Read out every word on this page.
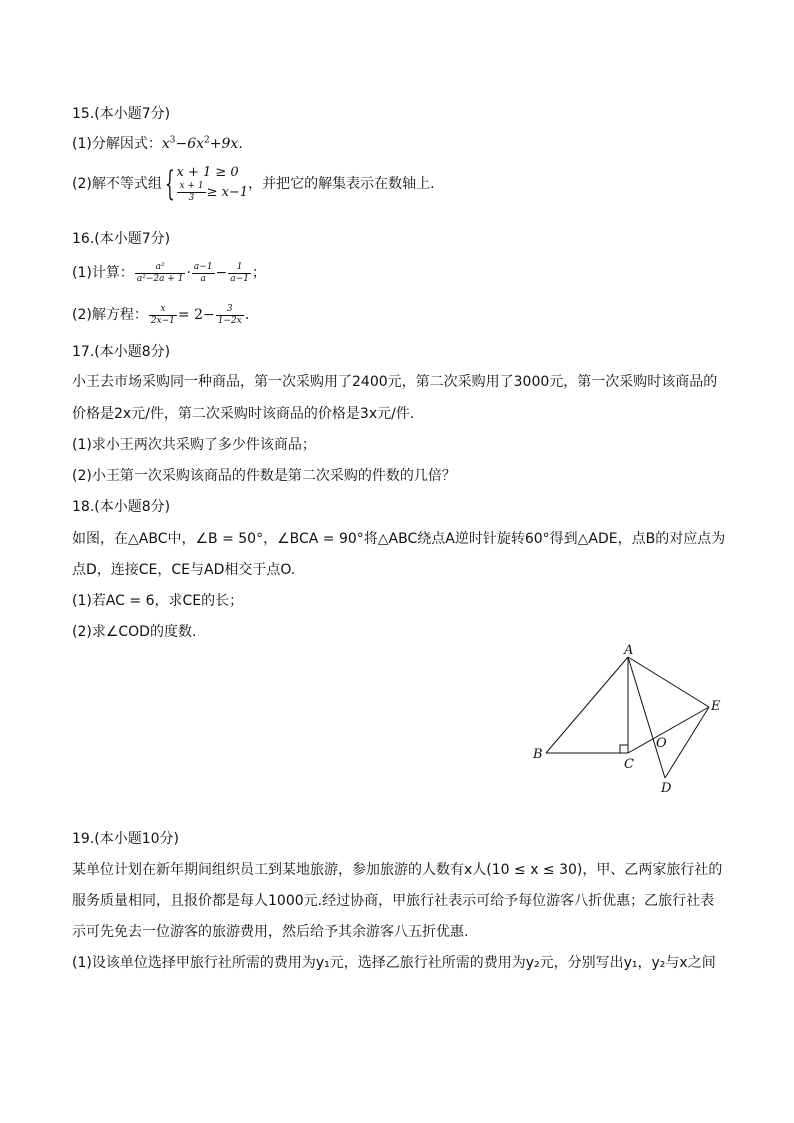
15.(本小题7分)
(1)分解因式：$x^3-6x^2+9x$.
(2)解不等式组{ x + 1 ≥ 0
$\frac{x + 1}{3} \ge x-1$ ，并把它的解集表示在数轴上.
16.(本小题7分)
(1)计算： $\frac{\text{a²}}{\text{a²−2a + 1}} \cdot \frac{a-1}{a} - \frac{1}{a-1}$ ；
(2)解方程： $\frac{x}{2x-1} = 2- \frac{3}{1-2x}$ .
17.(本小题8分)
小王去市场采购同一种商品，第一次采购用了2400元，第二次采购用了3000元，第一次采购时该商品的
价格是2x元/件，第二次采购时该商品的价格是3x元/件.
(1)求小王两次共采购了多少件该商品；
(2)小王第一次采购该商品的件数是第二次采购的件数的几倍？
18.(本小题8分)
如图，在△ABC中，∠B = 50°，∠BCA = 90°将△ABC绕点A逆时针旋转60°得到△ADE，点B的对应点为
点D，连接CE，CE与AD相交于点O.
(1)若AC = 6，求CE的长；
(2)求∠COD的度数.
A
B
C
D
E
O
19.(本小题10分)
某单位计划在新年期间组织员工到某地旅游，参加旅游的人数有x人(10 ≤ x ≤ 30)，甲、乙两家旅行社的
服务质量相同，且报价都是每人1000元.经过协商，甲旅行社表示可给予每位游客八折优惠；乙旅行社表
示可先免去一位游客的旅游费用，然后给予其余游客八五折优惠.
(1)设该单位选择甲旅行社所需的费用为y₁元，选择乙旅行社所需的费用为y₂元，分别写出y₁，y₂与x之间
